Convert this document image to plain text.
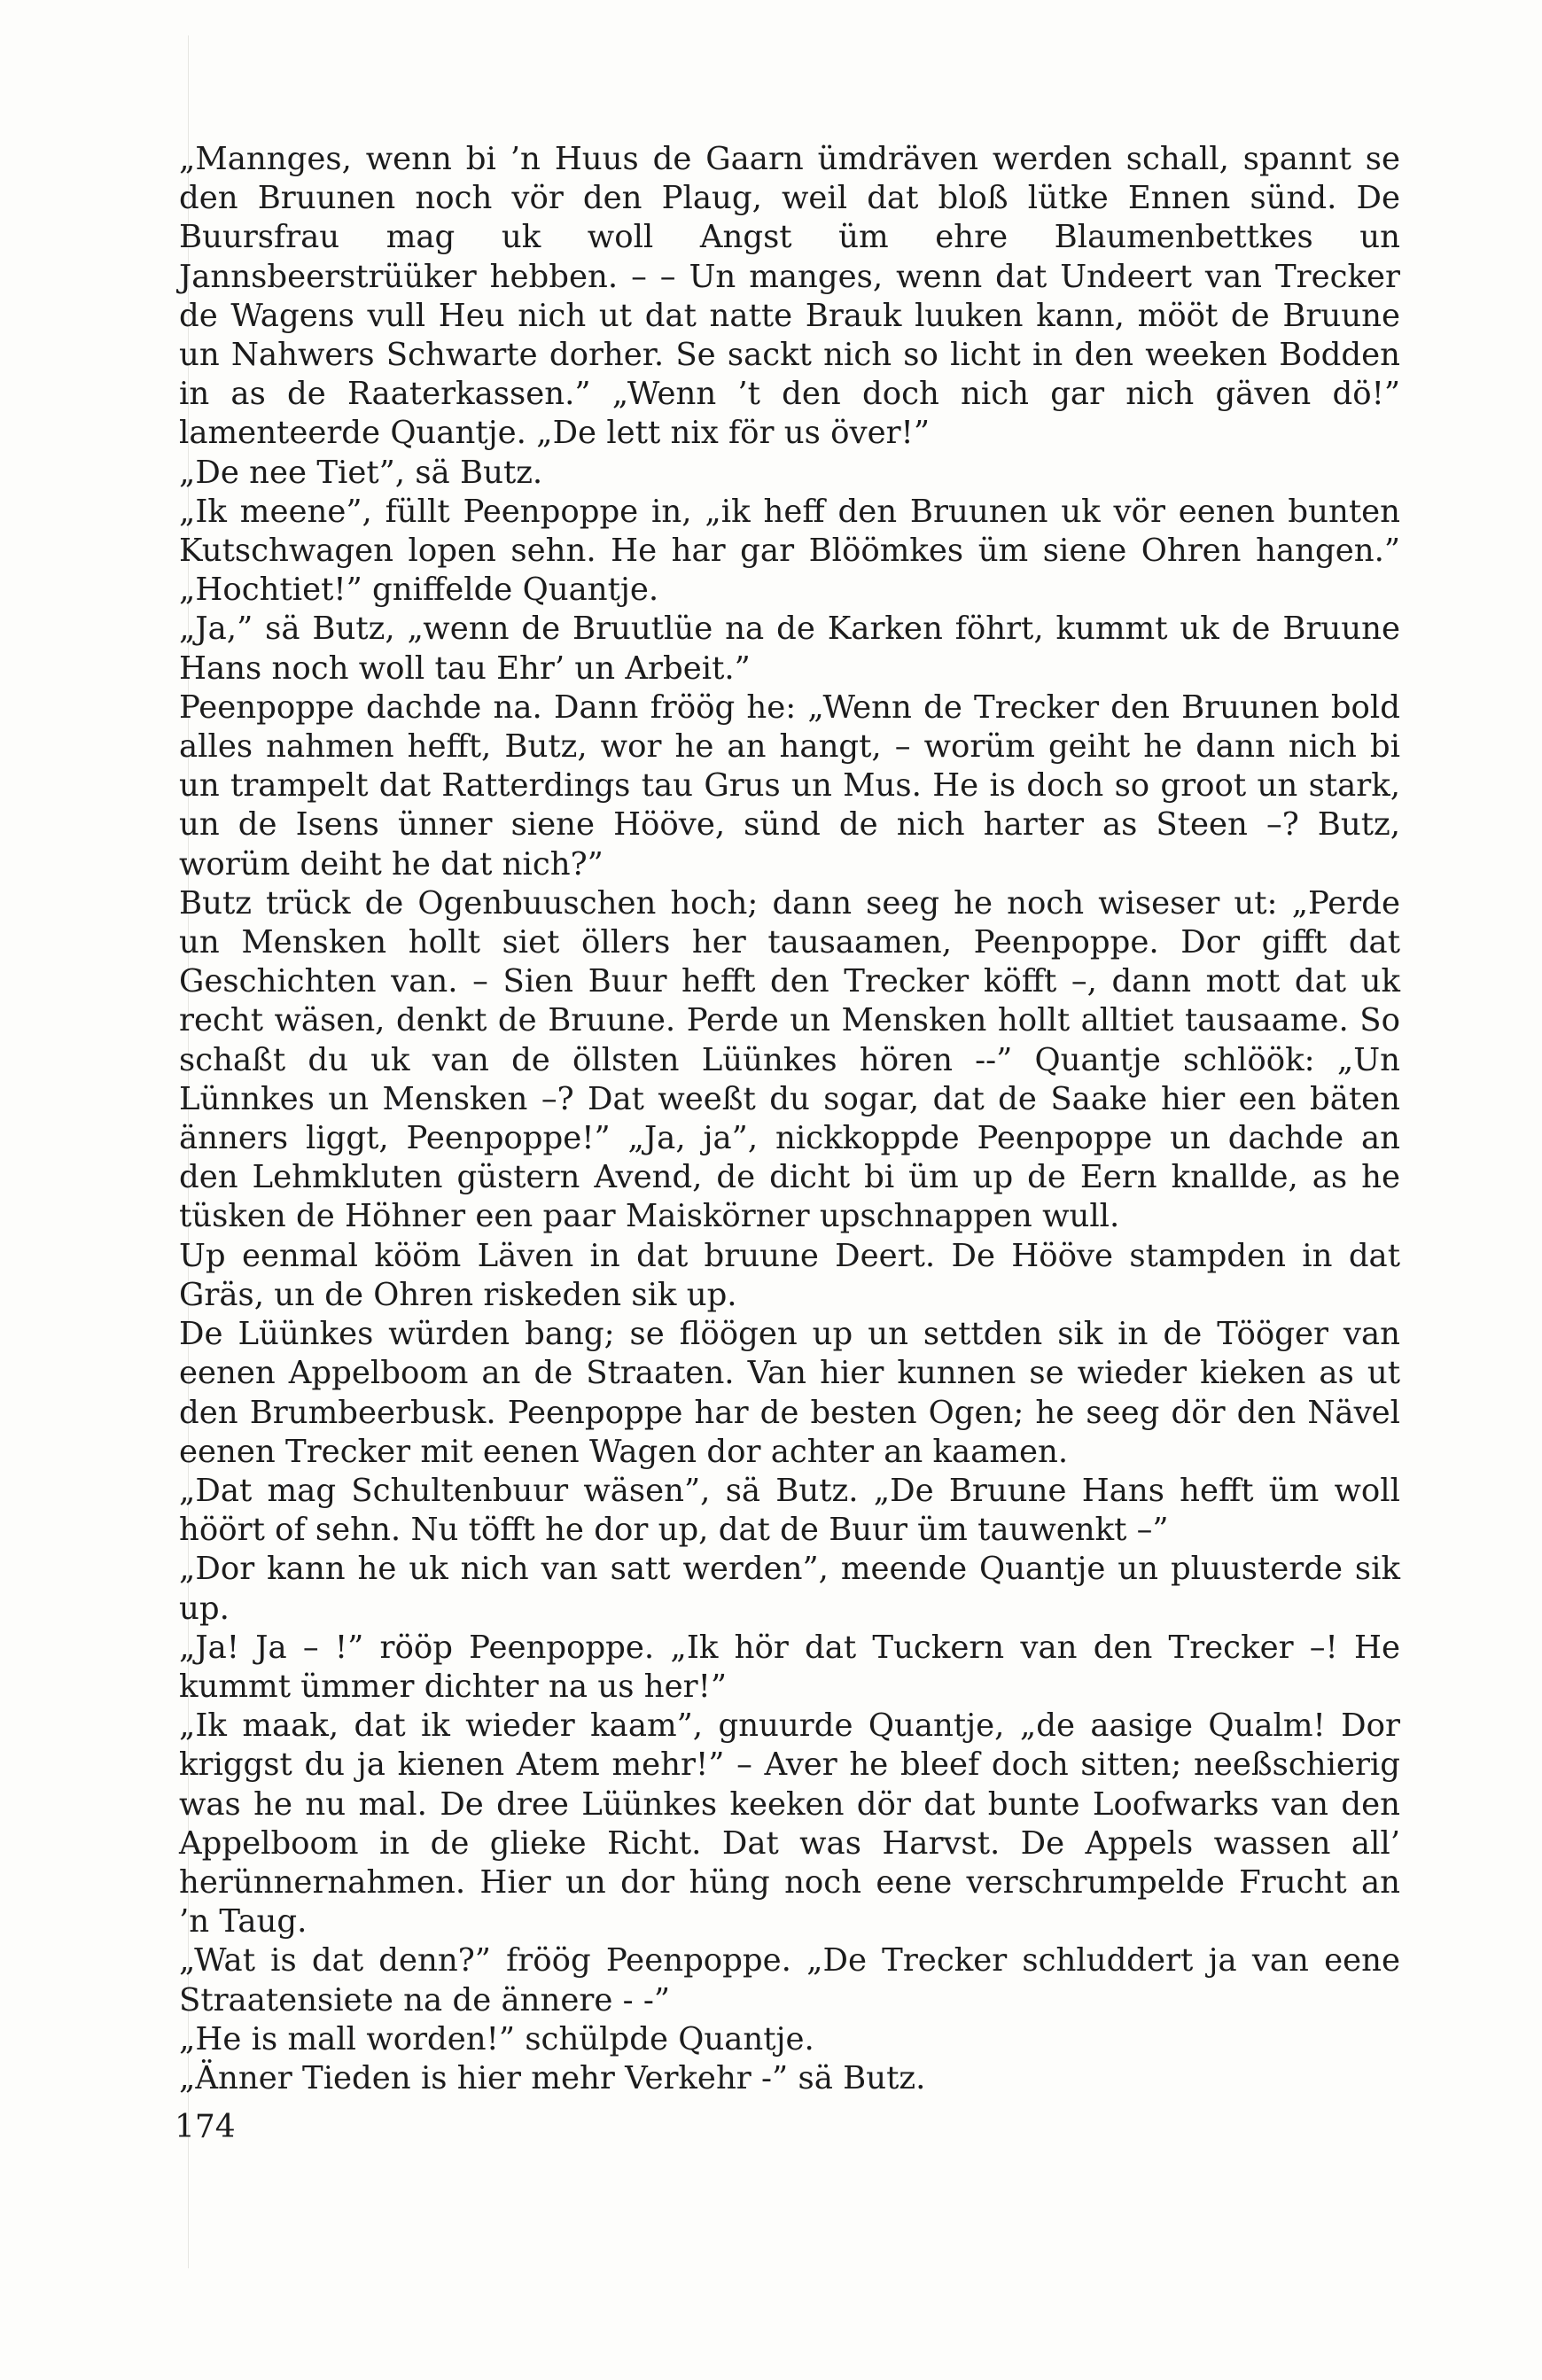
„Mannges, wenn bi ’n Huus de Gaarn ümdräven werden schall, spannt se den Bruunen noch vör den Plaug, weil dat bloß lütke Ennen sünd. De Buursfrau mag uk woll Angst üm ehre Blaumenbettkes un Jannsbeerstrüüker hebben. – – Un manges, wenn dat Undeert van Trecker de Wagens vull Heu nich ut dat natte Brauk luuken kann, mööt de Bruune un Nahwers Schwarte dorher. Se sackt nich so licht in den weeken Bodden in as de Raaterkassen.” „Wenn ’t den doch nich gar nich gäven dö!” lamenteerde Quantje. „De lett nix för us över!”

„De nee Tiet”, sä Butz.

„Ik meene”, füllt Peenpoppe in, „ik heff den Bruunen uk vör eenen bunten Kutschwagen lopen sehn. He har gar Blöömkes üm siene Ohren hangen.” „Hochtiet!” gniffelde Quantje.

„Ja,” sä Butz, „wenn de Bruutlüe na de Karken föhrt, kummt uk de Bruune Hans noch woll tau Ehr’ un Arbeit.”

Peenpoppe dachde na. Dann fröög he: „Wenn de Trecker den Bruunen bold alles nahmen hefft, Butz, wor he an hangt, – worüm geiht he dann nich bi un trampelt dat Ratterdings tau Grus un Mus. He is doch so groot un stark, un de Isens ünner siene Hööve, sünd de nich harter as Steen –? Butz, worüm deiht he dat nich?”

Butz trück de Ogenbuuschen hoch; dann seeg he noch wiseser ut: „Perde un Mensken hollt siet öllers her tausaamen, Peenpoppe. Dor gifft dat Geschichten van. – Sien Buur hefft den Trecker köfft –, dann mott dat uk recht wäsen, denkt de Bruune. Perde un Mensken hollt alltiet tausaame. So schaßt du uk van de öllsten Lüünkes hören --” Quantje schlöök: „Un Lünnkes un Mensken –? Dat weeßt du sogar, dat de Saake hier een bäten änners liggt, Peenpoppe!” „Ja, ja”, nickkoppde Peenpoppe un dachde an den Lehmkluten güstern Avend, de dicht bi üm up de Eern knallde, as he tüsken de Höhner een paar Maiskörner upschnappen wull.

Up eenmal kööm Läven in dat bruune Deert. De Hööve stampden in dat Gräs, un de Ohren riskeden sik up.

De Lüünkes würden bang; se flöögen up un settden sik in de Tööger van eenen Appelboom an de Straaten. Van hier kunnen se wieder kieken as ut den Brumbeerbusk. Peenpoppe har de besten Ogen; he seeg dör den Nävel eenen Trecker mit eenen Wagen dor achter an kaamen.

„Dat mag Schultenbuur wäsen”, sä Butz. „De Bruune Hans hefft üm woll höört of sehn. Nu töfft he dor up, dat de Buur üm tauwenkt –”

„Dor kann he uk nich van satt werden”, meende Quantje un pluusterde sik up.

„Ja! Ja – !” rööp Peenpoppe. „Ik hör dat Tuckern van den Trecker –! He kummt ümmer dichter na us her!”

„Ik maak, dat ik wieder kaam”, gnuurde Quantje, „de aasige Qualm! Dor kriggst du ja kienen Atem mehr!” – Aver he bleef doch sitten; neeßschierig was he nu mal. De dree Lüünkes keeken dör dat bunte Loofwarks van den Appelboom in de glieke Richt. Dat was Harvst. De Appels wassen all’ herünnernahmen. Hier un dor hüng noch eene verschrumpelde Frucht an ’n Taug.

„Wat is dat denn?” fröög Peenpoppe. „De Trecker schluddert ja van eene Straatensiete na de ännere - -”

„He is mall worden!” schülpde Quantje.

„Änner Tieden is hier mehr Verkehr -” sä Butz.

174
